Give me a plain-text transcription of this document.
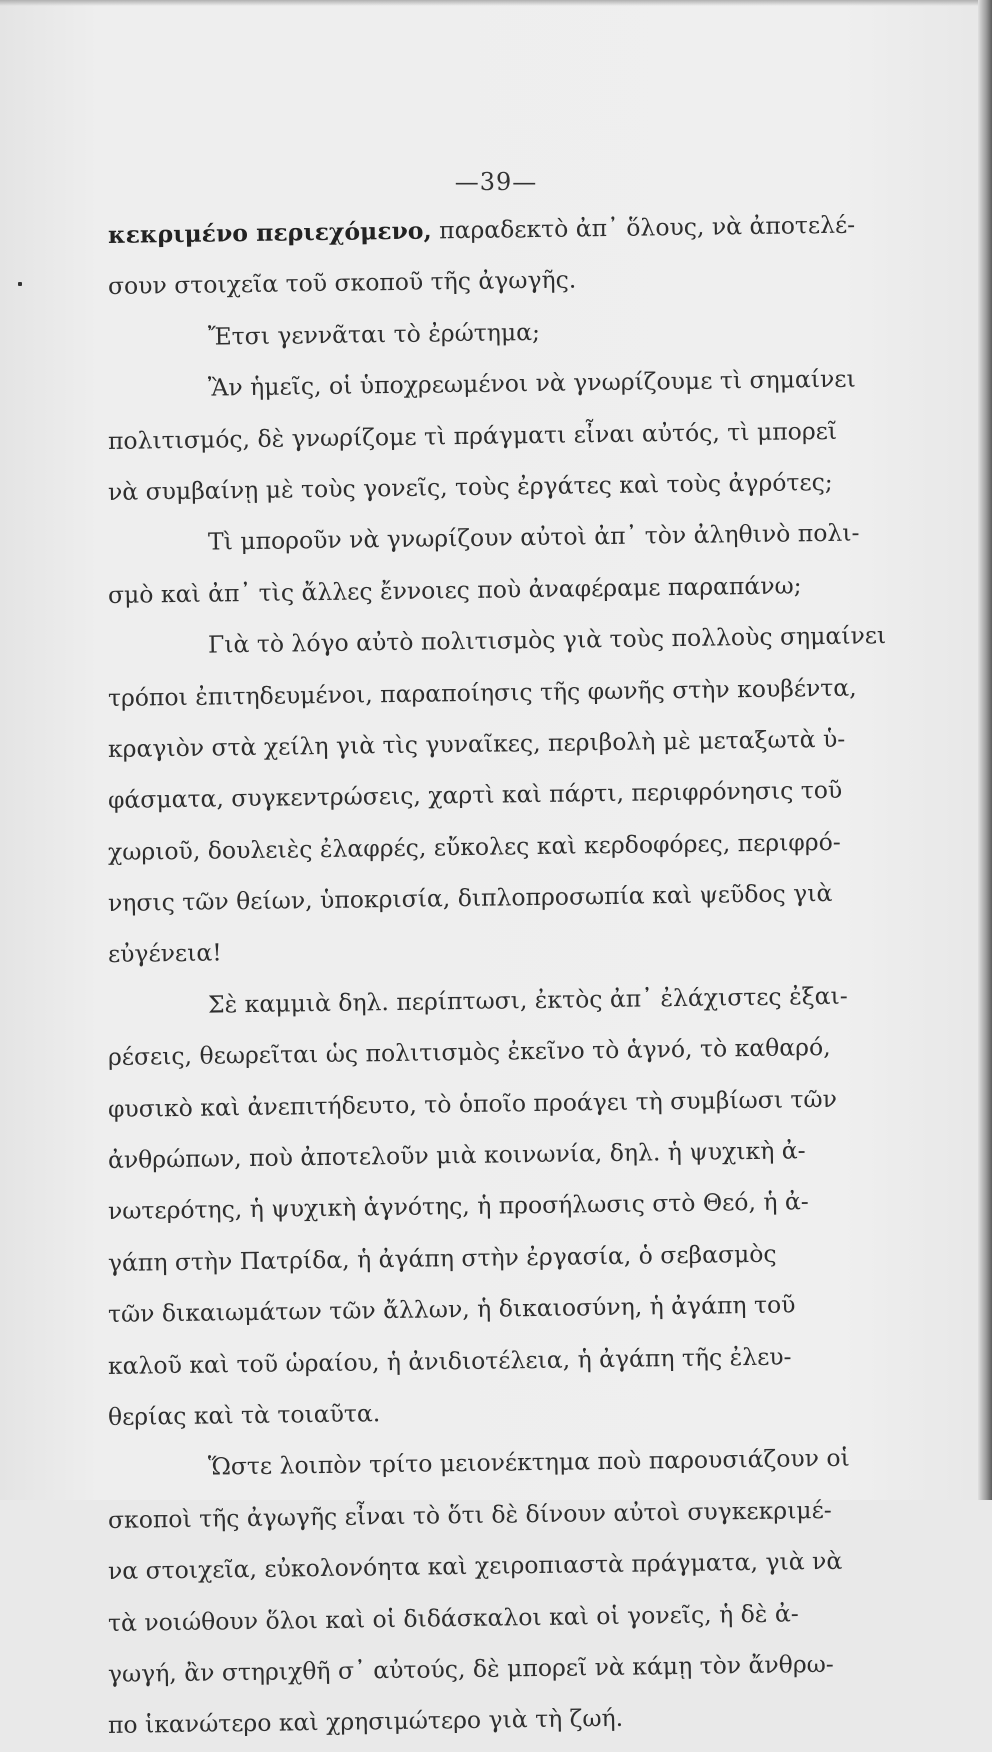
—39—
κεκριμένο περιεχόμενο, παραδεκτὸ ἀπ᾽ ὅλους, νὰ ἀποτελέ-
σουν στοιχεῖα τοῦ σκοποῦ τῆς ἀγωγῆς.
Ἔτσι γεννᾶται τὸ ἐρώτημα;
Ἂν ἡμεῖς, οἱ ὑποχρεωμένοι νὰ γνωρίζουμε τὶ σημαίνει
πολιτισμός, δὲ γνωρίζομε τὶ πράγματι εἶναι αὐτός, τὶ μπορεῖ
νὰ συμβαίνῃ μὲ τοὺς γονεῖς, τοὺς ἐργάτες καὶ τοὺς ἀγρότες;
Τὶ μποροῦν νὰ γνωρίζουν αὐτοὶ ἀπ᾽ τὸν ἀληθινὸ πολι-
σμὸ καὶ ἀπ᾽ τὶς ἄλλες ἔννοιες ποὺ ἀναφέραμε παραπάνω;
Γιὰ τὸ λόγο αὐτὸ πολιτισμὸς γιὰ τοὺς πολλοὺς σημαίνει
τρόποι ἐπιτηδευμένοι, παραποίησις τῆς φωνῆς στὴν κουβέντα,
κραγιὸν στὰ χείλη γιὰ τὶς γυναῖκες, περιβολὴ μὲ μεταξωτὰ ὑ-
φάσματα, συγκεντρώσεις, χαρτὶ καὶ πάρτι, περιφρόνησις τοῦ
χωριοῦ, δουλειὲς ἐλαφρές, εὔκολες καὶ κερδοφόρες, περιφρό-
νησις τῶν θείων, ὑποκρισία, διπλοπροσωπία καὶ ψεῦδος γιὰ
εὐγένεια!
Σὲ καμμιὰ δηλ. περίπτωσι, ἐκτὸς ἀπ᾽ ἐλάχιστες ἐξαι-
ρέσεις, θεωρεῖται ὡς πολιτισμὸς ἐκεῖνο τὸ ἁγνό, τὸ καθαρό,
φυσικὸ καὶ ἀνεπιτήδευτο, τὸ ὁποῖο προάγει τὴ συμβίωσι τῶν
ἀνθρώπων, ποὺ ἀποτελοῦν μιὰ κοινωνία, δηλ. ἡ ψυχικὴ ἀ-
νωτερότης, ἡ ψυχικὴ ἁγνότης, ἡ προσήλωσις στὸ Θεό, ἡ ἀ-
γάπη στὴν Πατρίδα, ἡ ἀγάπη στὴν ἐργασία, ὁ σεβασμὸς
τῶν δικαιωμάτων τῶν ἄλλων, ἡ δικαιοσύνη, ἡ ἀγάπη τοῦ
καλοῦ καὶ τοῦ ὡραίου, ἡ ἀνιδιοτέλεια, ἡ ἀγάπη τῆς ἐλευ-
θερίας καὶ τὰ τοιαῦτα.
Ὥστε λοιπὸν τρίτο μειονέκτημα ποὺ παρουσιάζουν οἱ
σκοποὶ τῆς ἀγωγῆς εἶναι τὸ ὅτι δὲ δίνουν αὐτοὶ συγκεκριμέ-
να στοιχεῖα, εὐκολονόητα καὶ χειροπιαστὰ πράγματα, γιὰ νὰ
τὰ νοιώθουν ὅλοι καὶ οἱ διδάσκαλοι καὶ οἱ γονεῖς, ἡ δὲ ἀ-
γωγή, ἂν στηριχθῆ σ᾽ αὐτούς, δὲ μπορεῖ νὰ κάμῃ τὸν ἄνθρω-
πο ἱκανώτερο καὶ χρησιμώτερο γιὰ τὴ ζωή.
